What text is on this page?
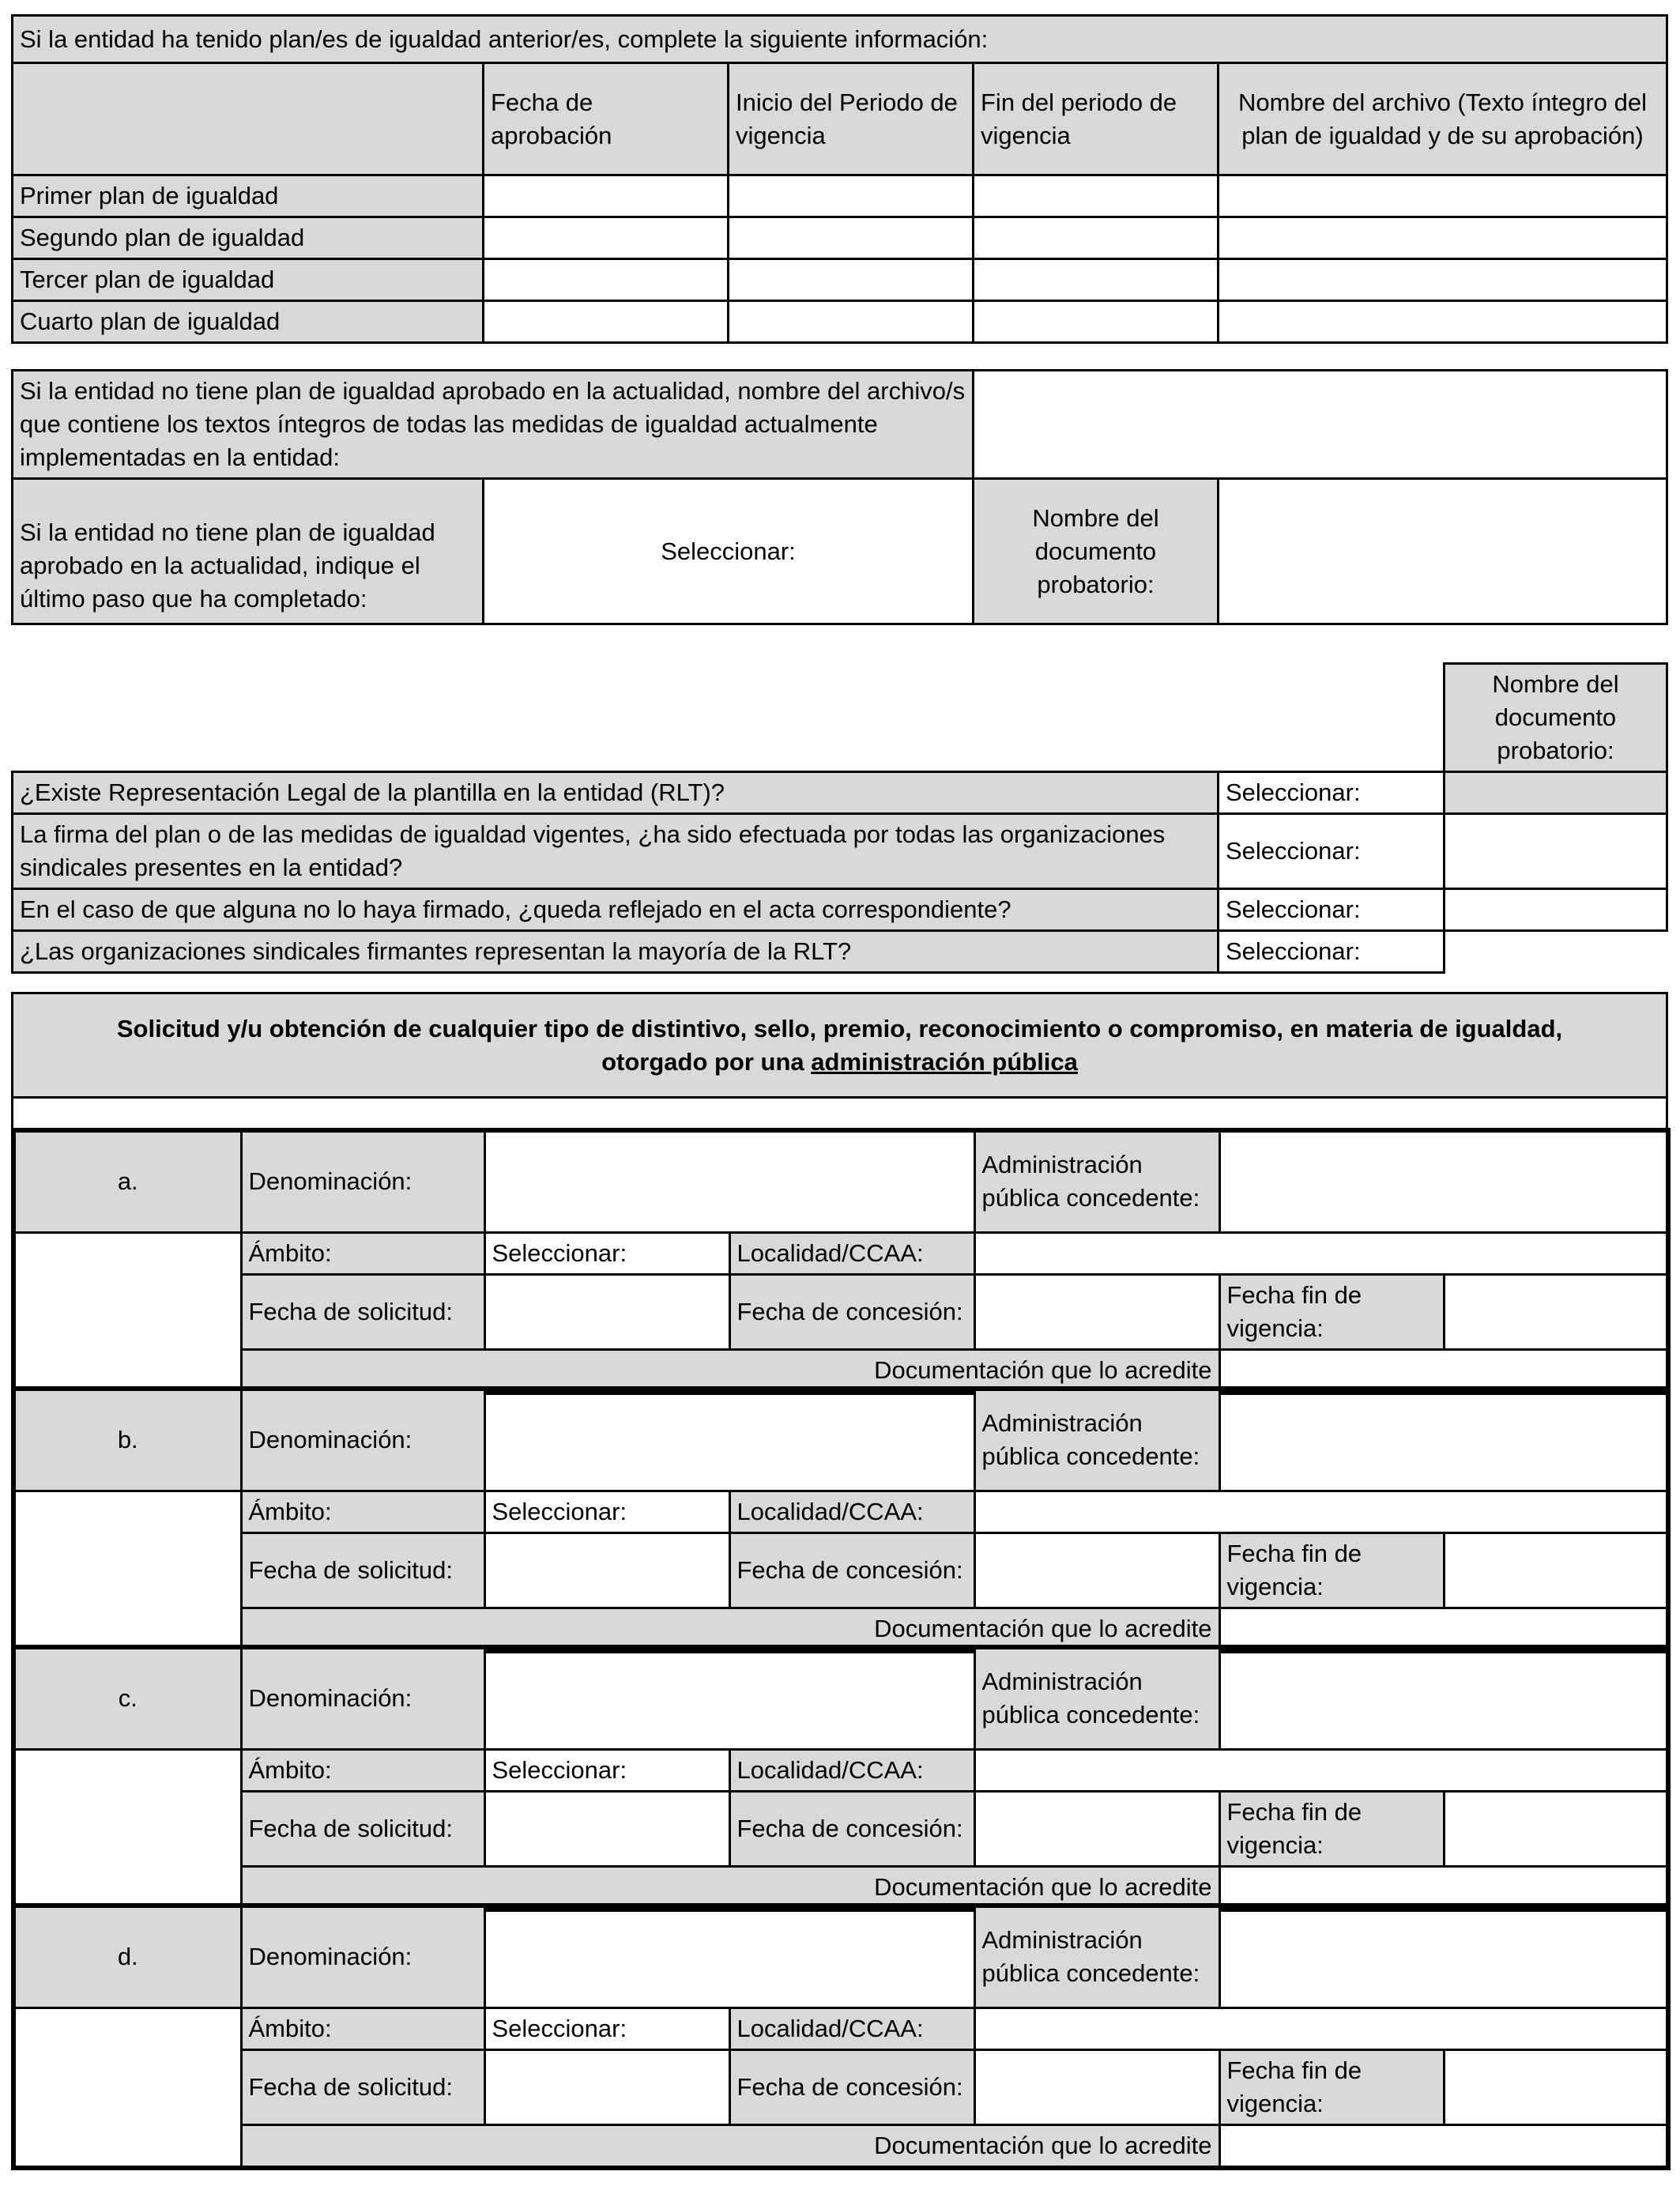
Si la entidad ha tenido plan/es de igualdad anterior/es, complete la siguiente información:				
	Fecha de aprobación	Inicio del Periodo de vigencia	Fin del periodo de vigencia	Nombre del archivo (Texto íntegro del plan de igualdad y de su aprobación)
Primer plan de igualdad				
Segundo plan de igualdad				
Tercer plan de igualdad				
Cuarto plan de igualdad				
Si la entidad no tiene plan de igualdad aprobado en la actualidad, nombre del archivo/s que contiene los textos íntegros de todas las medidas de igualdad actualmente implementadas en la entidad:			
Si la entidad no tiene plan de igualdad aprobado en la actualidad, indique el último paso que ha completado:	Seleccionar:	Nombre del documento probatorio:	
		Nombre del documento probatorio:
¿Existe Representación Legal de la plantilla en la entidad (RLT)?	Seleccionar:	
La firma del plan o de las medidas de igualdad vigentes, ¿ha sido efectuada por todas las organizaciones sindicales presentes en la entidad?	Seleccionar:	
En el caso de que alguna no lo haya firmado, ¿queda reflejado en el acta correspondiente?	Seleccionar:	
¿Las organizaciones sindicales firmantes representan la mayoría de la RLT?	Seleccionar:	
Solicitud y/u obtención de cualquier tipo de distintivo, sello, premio, reconocimiento o compromiso, en materia de igualdad, otorgado por una administración pública

a.	Denominación:			Administración pública concedente:		
	Ámbito:	Seleccionar:	Localidad/CCAA:			
	Fecha de solicitud:		Fecha de concesión:		Fecha fin de vigencia:	
	Documentación que lo acredite					
b.	Denominación:			Administración pública concedente:		
	Ámbito:	Seleccionar:	Localidad/CCAA:			
	Fecha de solicitud:		Fecha de concesión:		Fecha fin de vigencia:	
	Documentación que lo acredite					
c.	Denominación:			Administración pública concedente:		
	Ámbito:	Seleccionar:	Localidad/CCAA:			
	Fecha de solicitud:		Fecha de concesión:		Fecha fin de vigencia:	
	Documentación que lo acredite					
d.	Denominación:			Administración pública concedente:		
	Ámbito:	Seleccionar:	Localidad/CCAA:			
	Fecha de solicitud:		Fecha de concesión:		Fecha fin de vigencia:	
	Documentación que lo acredite					
